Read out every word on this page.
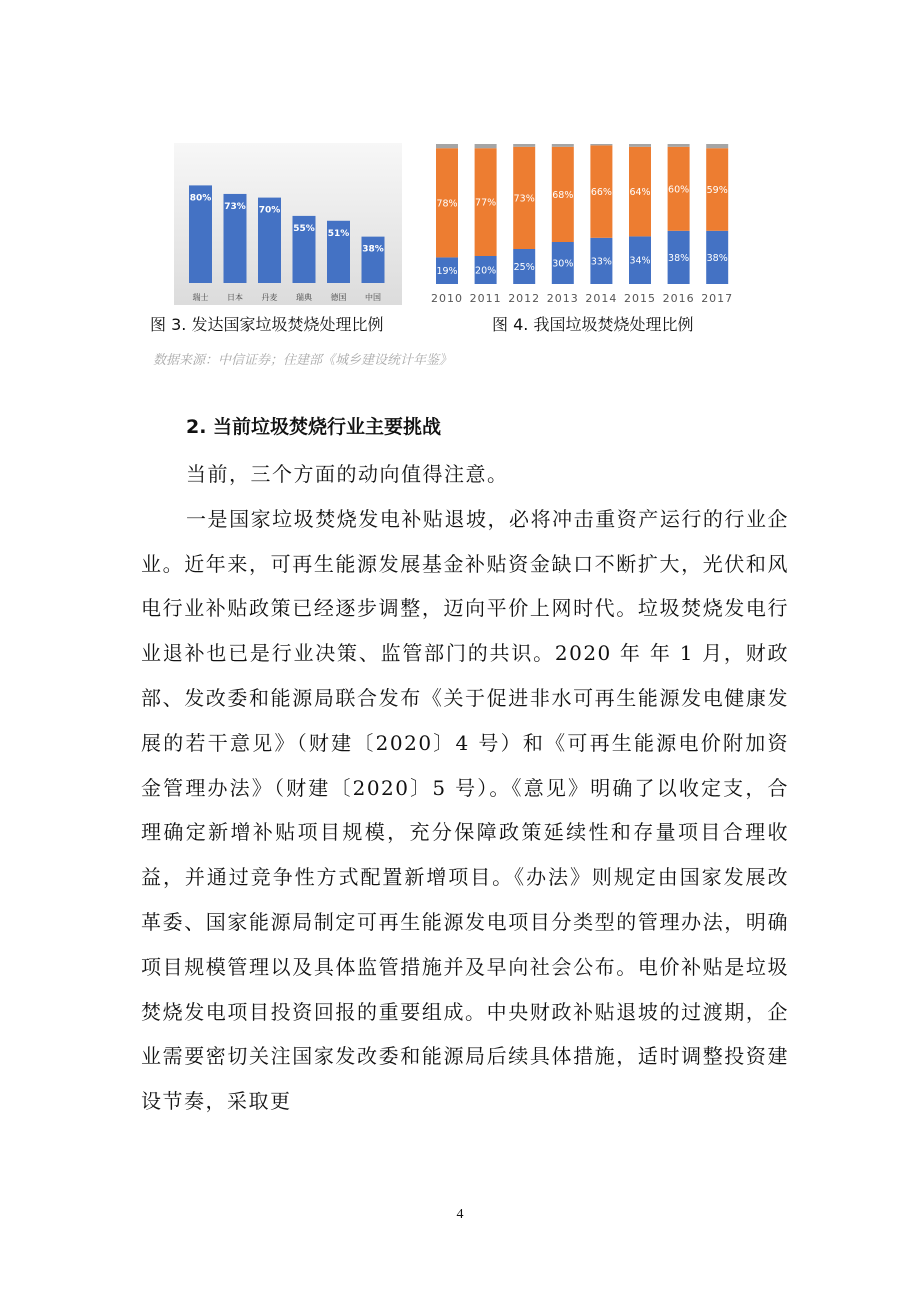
80%
瑞士
73%
日本
70%
丹麦
55%
瑞典
51%
德国
38%
中国
19%
78%
2010
20%
77%
2011
25%
73%
2012
30%
68%
2013
33%
66%
2014
34%
64%
2015
38%
60%
2016
38%
59%
2017
图 3. 发达国家垃圾焚烧处理比例	图 4. 我国垃圾焚烧处理比例
数据来源：中信证券；住建部《城乡建设统计年鉴》
2. 当前垃圾焚烧行业主要挑战

当前，三个方面的动向值得注意。

一是国家垃圾焚烧发电补贴退坡，必将冲击重资产运行的行业企业。近年来，可再生能源发展基金补贴资金缺口不断扩大，光伏和风电行业补贴政策已经逐步调整，迈向平价上网时代。垃圾焚烧发电行业退补也已是行业决策、监管部门的共识。2020 年 年 1 月，财政部、发改委和能源局联合发布《关于促进非水可再生能源发电健康发展的若干意见》（财建〔2020〕4 号）和《可再生能源电价附加资金管理办法》（财建〔2020〕5 号）。《意见》明确了以收定支，合理确定新增补贴项目规模，充分保障政策延续性和存量项目合理收益，并通过竞争性方式配置新增项目。《办法》则规定由国家发展改革委、国家能源局制定可再生能源发电项目分类型的管理办法，明确项目规模管理以及具体监管措施并及早向社会公布。电价补贴是垃圾焚烧发电项目投资回报的重要组成。中央财政补贴退坡的过渡期，企业需要密切关注国家发改委和能源局后续具体措施，适时调整投资建设节奏，采取更

4
